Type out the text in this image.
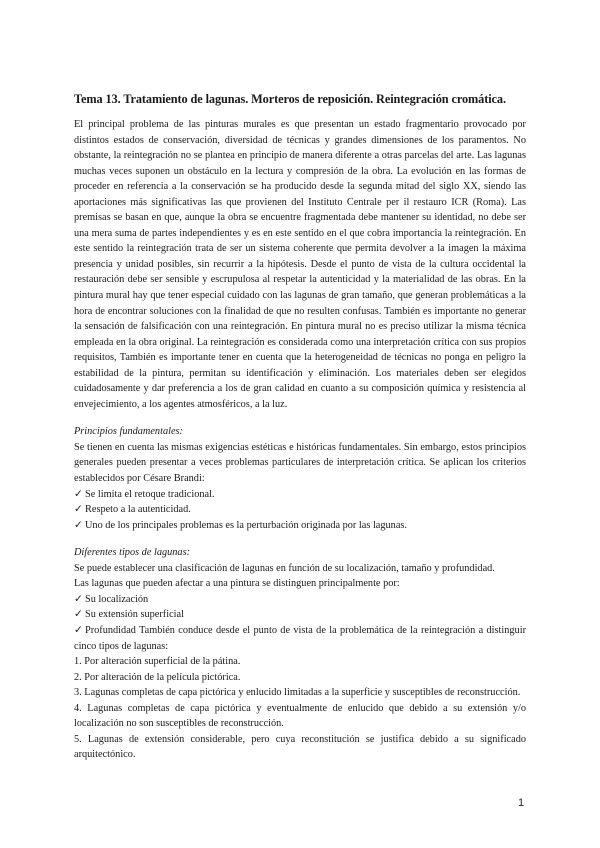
Tema 13. Tratamiento de lagunas. Morteros de reposición. Reintegración cromática.

El principal problema de las pinturas murales es que presentan un estado fragmentario provocado por distintos estados de conservación, diversidad de técnicas y grandes dimensiones de los paramentos. No obstante, la reintegración no se plantea en principio de manera diferente a otras parcelas del arte. Las lagunas muchas veces suponen un obstáculo en la lectura y compresión de la obra. La evolución en las formas de proceder en referencia a la conservación se ha producido desde la segunda mitad del siglo XX, siendo las aportaciones más significativas las que provienen del Instituto Centrale per il restauro ICR (Roma). Las premisas se basan en que, aunque la obra se encuentre fragmentada debe mantener su identidad, no debe ser una mera suma de partes independientes y es en este sentido en el que cobra importancia la reintegración. En este sentido la reintegración trata de ser un sistema coherente que permita devolver a la imagen la máxima presencia y unidad posibles, sin recurrir a la hipótesis. Desde el punto de vista de la cultura occidental la restauración debe ser sensible y escrupulosa al respetar la autenticidad y la materialidad de las obras. En la pintura mural hay que tener especial cuidado con las lagunas de gran tamaño, que generan problemáticas a la hora de encontrar soluciones con la finalidad de que no resulten confusas. También es importante no generar la sensación de falsificación con una reintegración. En pintura mural no es preciso utilizar la misma técnica empleada en la obra original. La reintegración es considerada como una interpretación crítica con sus propios requisitos, También es importante tener en cuenta que la heterogeneidad de técnicas no ponga en peligro la estabilidad de la pintura, permitan su identificación y eliminación. Los materiales deben ser elegidos cuidadosamente y dar preferencia a los de gran calidad en cuanto a su composición química y resistencia al envejecimiento, a los agentes atmosféricos, a la luz.

Principios fundamentales:

Se tienen en cuenta las mismas exigencias estéticas e históricas fundamentales. Sin embargo, estos principios generales pueden presentar a veces problemas particulares de interpretación crítica. Se aplican los criterios establecidos por Césare Brandi:

✓ Se limita el retoque tradicional.
✓ Respeto a la autenticidad.
✓ Uno de los principales problemas es la perturbación originada por las lagunas.

Diferentes tipos de lagunas:

Se puede establecer una clasificación de lagunas en función de su localización, tamaño y profundidad.

Las lagunas que pueden afectar a una pintura se distinguen principalmente por:

✓ Su localización
✓ Su extensión superficial
✓ Profundidad También conduce desde el punto de vista de la problemática de la reintegración a distinguir cinco tipos de lagunas:

1. Por alteración superficial de la pátina.

2. Por alteración de la película pictórica.

3. Lagunas completas de capa pictórica y enlucido limitadas a la superficie y susceptibles de reconstrucción.

4. Lagunas completas de capa pictórica y eventualmente de enlucido que debido a su extensión y/o localización no son susceptibles de reconstrucción.

5. Lagunas de extensión considerable, pero cuya reconstitución se justifica debido a su significado arquitectónico.

1
